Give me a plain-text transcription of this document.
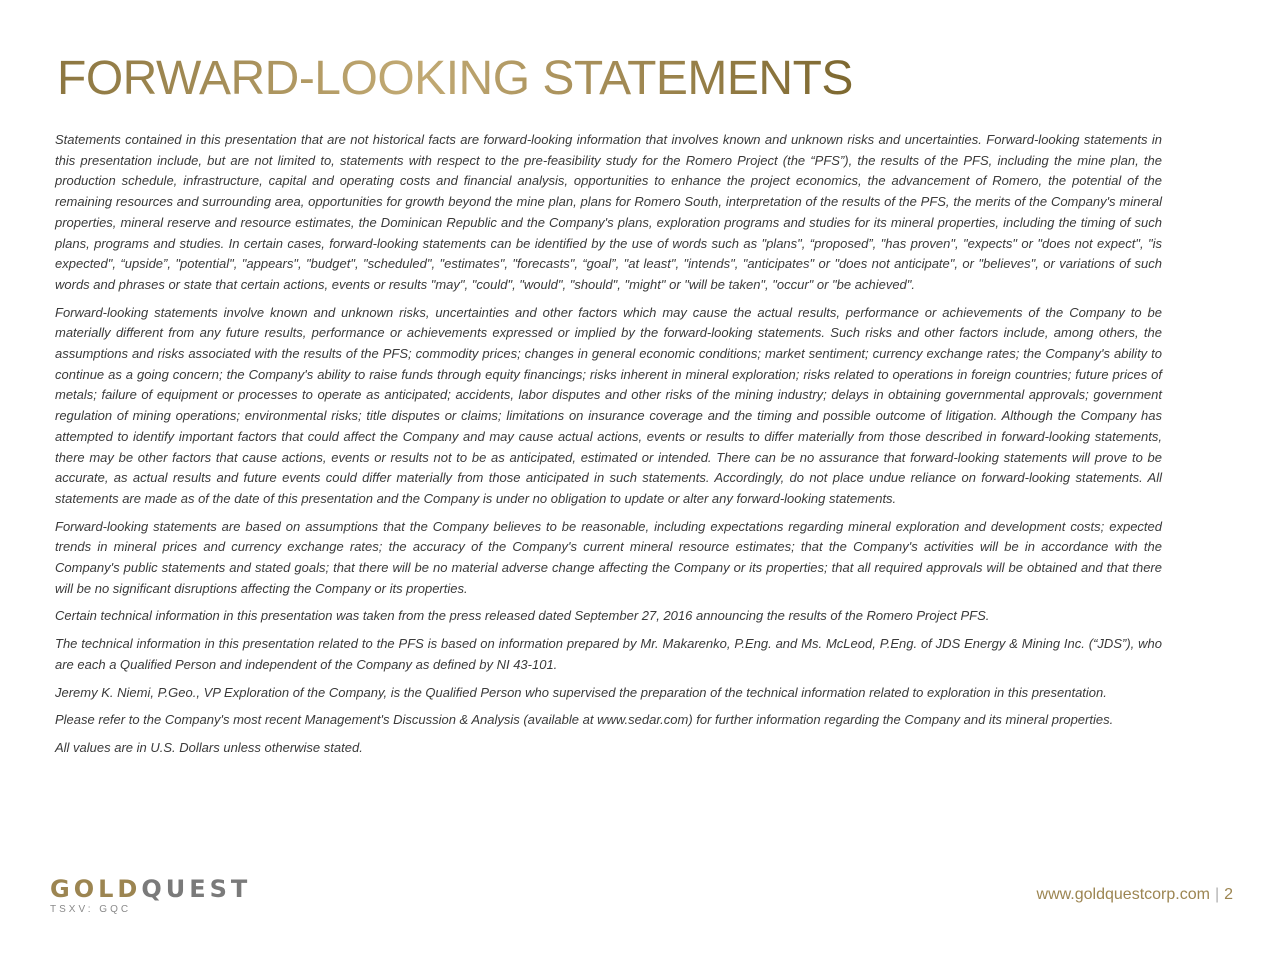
FORWARD-LOOKING STATEMENTS

Statements contained in this presentation that are not historical facts are forward-looking information that involves known and unknown risks and uncertainties. Forward-looking statements in this presentation include, but are not limited to, statements with respect to the pre-feasibility study for the Romero Project (the “PFS”), the results of the PFS, including the mine plan, the production schedule, infrastructure, capital and operating costs and financial analysis, opportunities to enhance the project economics, the advancement of Romero, the potential of the remaining resources and surrounding area, opportunities for growth beyond the mine plan, plans for Romero South, interpretation of the results of the PFS, the merits of the Company's mineral properties, mineral reserve and resource estimates, the Dominican Republic and the Company's plans, exploration programs and studies for its mineral properties, including the timing of such plans, programs and studies. In certain cases, forward-looking statements can be identified by the use of words such as "plans", “proposed”, "has proven", "expects" or "does not expect", "is expected", “upside”, "potential", "appears", "budget", "scheduled", "estimates", "forecasts", “goal”, "at least", "intends", "anticipates" or "does not anticipate", or "believes", or variations of such words and phrases or state that certain actions, events or results "may", "could", "would", "should", "might" or "will be taken", "occur" or "be achieved".

Forward-looking statements involve known and unknown risks, uncertainties and other factors which may cause the actual results, performance or achievements of the Company to be materially different from any future results, performance or achievements expressed or implied by the forward-looking statements. Such risks and other factors include, among others, the assumptions and risks associated with the results of the PFS; commodity prices; changes in general economic conditions; market sentiment; currency exchange rates; the Company's ability to continue as a going concern; the Company's ability to raise funds through equity financings; risks inherent in mineral exploration; risks related to operations in foreign countries; future prices of metals; failure of equipment or processes to operate as anticipated; accidents, labor disputes and other risks of the mining industry; delays in obtaining governmental approvals; government regulation of mining operations; environmental risks; title disputes or claims; limitations on insurance coverage and the timing and possible outcome of litigation. Although the Company has attempted to identify important factors that could affect the Company and may cause actual actions, events or results to differ materially from those described in forward-looking statements, there may be other factors that cause actions, events or results not to be as anticipated, estimated or intended. There can be no assurance that forward-looking statements will prove to be accurate, as actual results and future events could differ materially from those anticipated in such statements. Accordingly, do not place undue reliance on forward-looking statements. All statements are made as of the date of this presentation and the Company is under no obligation to update or alter any forward-looking statements.

Forward-looking statements are based on assumptions that the Company believes to be reasonable, including expectations regarding mineral exploration and development costs; expected trends in mineral prices and currency exchange rates; the accuracy of the Company's current mineral resource estimates; that the Company's activities will be in accordance with the Company's public statements and stated goals; that there will be no material adverse change affecting the Company or its properties; that all required approvals will be obtained and that there will be no significant disruptions affecting the Company or its properties.

Certain technical information in this presentation was taken from the press released dated September 27, 2016 announcing the results of the Romero Project PFS.

The technical information in this presentation related to the PFS is based on information prepared by Mr. Makarenko, P.Eng. and Ms. McLeod, P.Eng. of JDS Energy & Mining Inc. (“JDS”), who are each a Qualified Person and independent of the Company as defined by NI 43-101.

Jeremy K. Niemi, P.Geo., VP Exploration of the Company, is the Qualified Person who supervised the preparation of the technical information related to exploration in this presentation.

Please refer to the Company's most recent Management's Discussion & Analysis (available at www.sedar.com) for further information regarding the Company and its mineral properties.

All values are in U.S. Dollars unless otherwise stated.

GOLDQUEST
TSXV: GQC
www.goldquestcorp.com | 2
